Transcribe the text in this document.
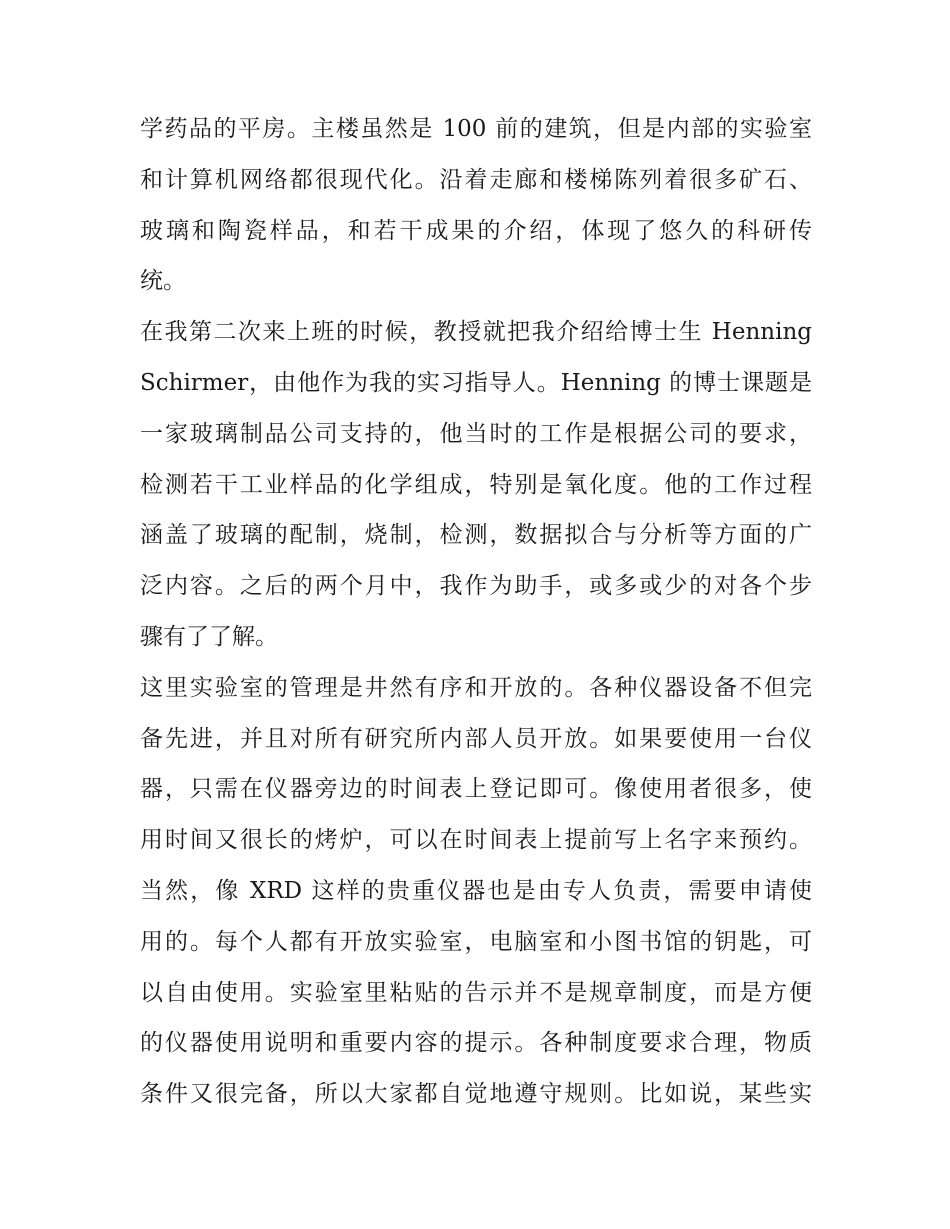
学药品的平房。主楼虽然是 100 前的建筑，但是内部的实验室
和计算机网络都很现代化。沿着走廊和楼梯陈列着很多矿石、
玻璃和陶瓷样品，和若干成果的介绍，体现了悠久的科研传
统。
在我第二次来上班的时候，教授就把我介绍给博士生 Henning
Schirmer，由他作为我的实习指导人。Henning 的博士课题是
一家玻璃制品公司支持的，他当时的工作是根据公司的要求，
检测若干工业样品的化学组成，特别是氧化度。他的工作过程
涵盖了玻璃的配制，烧制，检测，数据拟合与分析等方面的广
泛内容。之后的两个月中，我作为助手，或多或少的对各个步
骤有了了解。
这里实验室的管理是井然有序和开放的。各种仪器设备不但完
备先进，并且对所有研究所内部人员开放。如果要使用一台仪
器，只需在仪器旁边的时间表上登记即可。像使用者很多，使
用时间又很长的烤炉，可以在时间表上提前写上名字来预约。
当然，像 XRD 这样的贵重仪器也是由专人负责，需要申请使
用的。每个人都有开放实验室，电脑室和小图书馆的钥匙，可
以自由使用。实验室里粘贴的告示并不是规章制度，而是方便
的仪器使用说明和重要内容的提示。各种制度要求合理，物质
条件又很完备，所以大家都自觉地遵守规则。比如说，某些实
